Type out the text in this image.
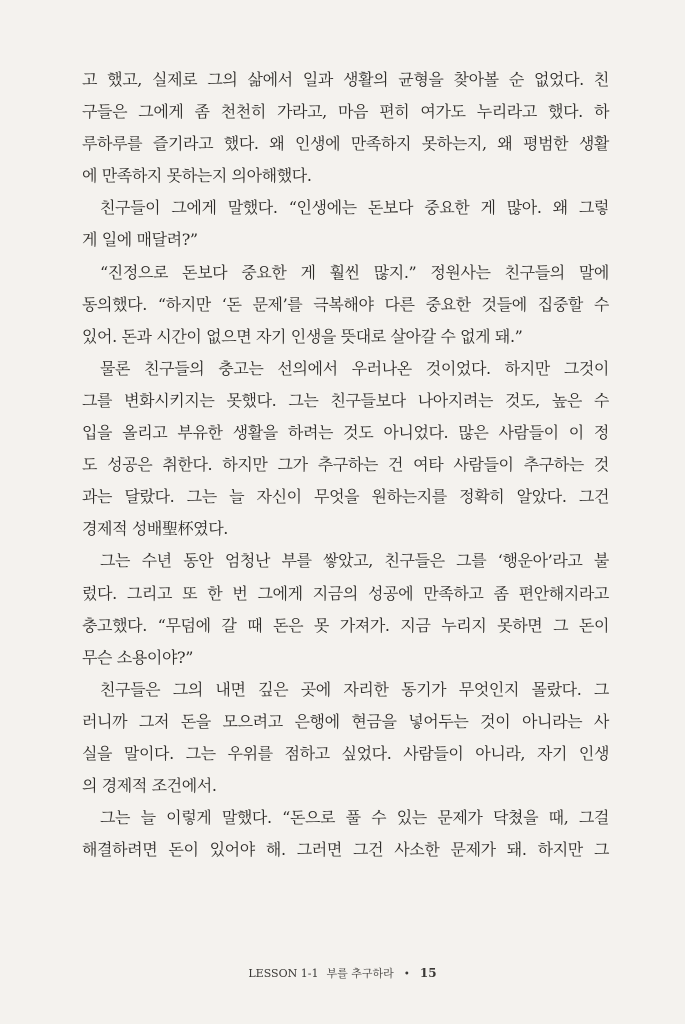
고 했고, 실제로 그의 삶에서 일과 생활의 균형을 찾아볼 순 없었다. 친
구들은 그에게 좀 천천히 가라고, 마음 편히 여가도 누리라고 했다. 하
루하루를 즐기라고 했다. 왜 인생에 만족하지 못하는지, 왜 평범한 생활
에 만족하지 못하는지 의아해했다.
친구들이 그에게 말했다. “인생에는 돈보다 중요한 게 많아. 왜 그렇
게 일에 매달려?”
“진정으로 돈보다 중요한 게 훨씬 많지.” 정원사는 친구들의 말에
동의했다. “하지만 ‘돈 문제’를 극복해야 다른 중요한 것들에 집중할 수
있어. 돈과 시간이 없으면 자기 인생을 뜻대로 살아갈 수 없게 돼.”
물론 친구들의 충고는 선의에서 우러나온 것이었다. 하지만 그것이
그를 변화시키지는 못했다. 그는 친구들보다 나아지려는 것도, 높은 수
입을 올리고 부유한 생활을 하려는 것도 아니었다. 많은 사람들이 이 정
도 성공은 취한다. 하지만 그가 추구하는 건 여타 사람들이 추구하는 것
과는 달랐다. 그는 늘 자신이 무엇을 원하는지를 정확히 알았다. 그건
경제적 성배聖杯였다.
그는 수년 동안 엄청난 부를 쌓았고, 친구들은 그를 ‘행운아’라고 불
렀다. 그리고 또 한 번 그에게 지금의 성공에 만족하고 좀 편안해지라고
충고했다. “무덤에 갈 때 돈은 못 가져가. 지금 누리지 못하면 그 돈이
무슨 소용이야?”
친구들은 그의 내면 깊은 곳에 자리한 동기가 무엇인지 몰랐다. 그
러니까 그저 돈을 모으려고 은행에 현금을 넣어두는 것이 아니라는 사
실을 말이다. 그는 우위를 점하고 싶었다. 사람들이 아니라, 자기 인생
의 경제적 조건에서.
그는 늘 이렇게 말했다. “돈으로 풀 수 있는 문제가 닥쳤을 때, 그걸
해결하려면 돈이 있어야 해. 그러면 그건 사소한 문제가 돼. 하지만 그
LESSON 1-1 부를 추구하라 • 15
